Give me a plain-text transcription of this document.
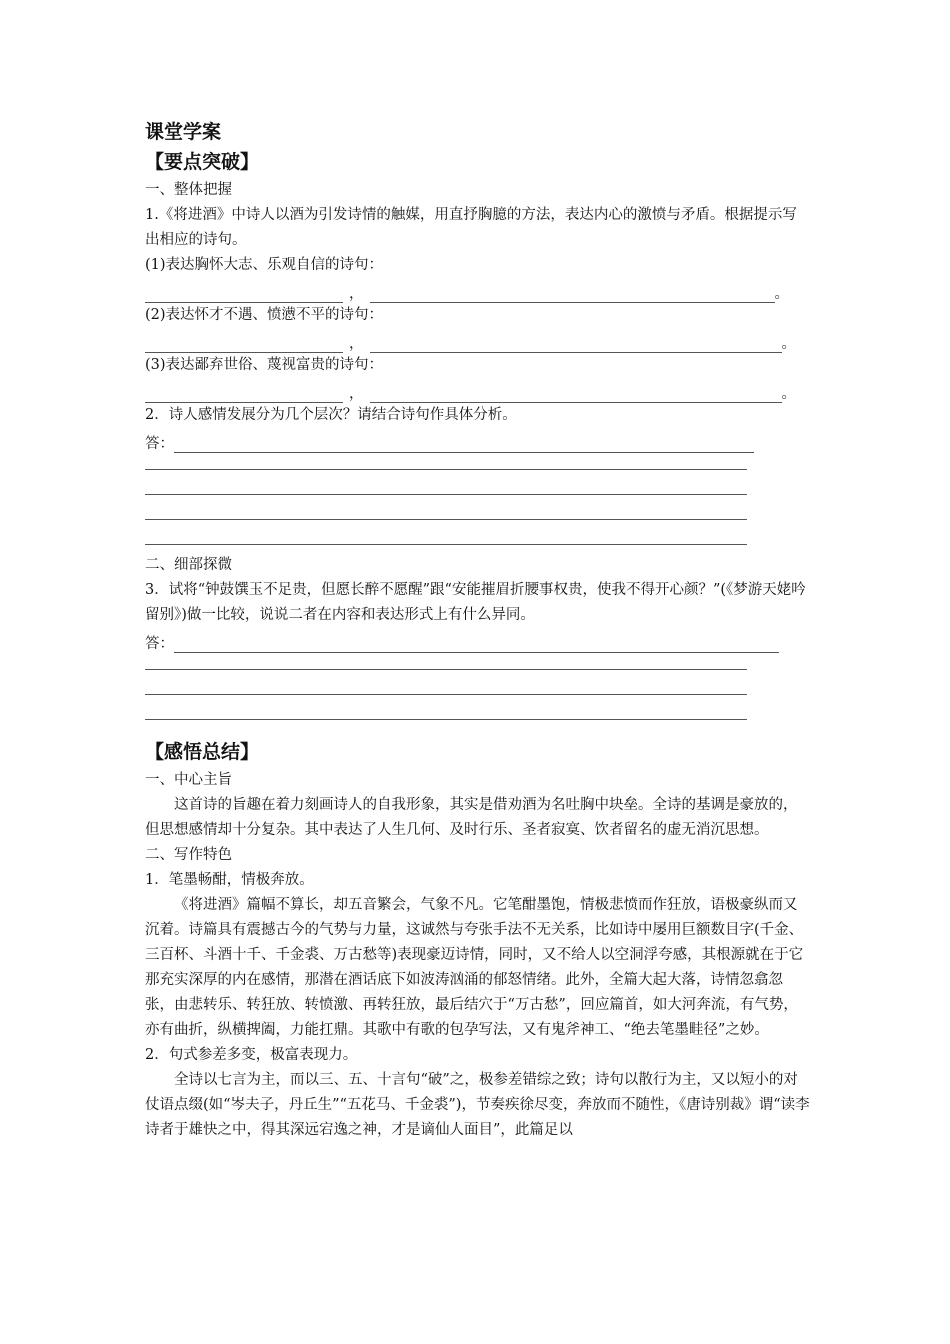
课堂学案
【要点突破】

一、整体把握

1.《将进酒》中诗人以酒为引发诗情的触媒，用直抒胸臆的方法，表达内心的激愤与矛盾。根据提示写出相应的诗句。

(1)表达胸怀大志、乐观自信的诗句：

，	。

(2)表达怀才不遇、愤懑不平的诗句：

，	。

(3)表达鄙弃世俗、蔑视富贵的诗句：

，	。

2．诗人感情发展分为几个层次？请结合诗句作具体分析。

答：

二、细部探微

3．试将“钟鼓馔玉不足贵，但愿长醉不愿醒”跟“安能摧眉折腰事权贵，使我不得开心颜？”(《梦游天姥吟留别》)做一比较，说说二者在内容和表达形式上有什么异同。

答：
【感悟总结】

一、中心主旨

这首诗的旨趣在着力刻画诗人的自我形象，其实是借劝酒为名吐胸中块垒。全诗的基调是豪放的，但思想感情却十分复杂。其中表达了人生几何、及时行乐、圣者寂寞、饮者留名的虚无消沉思想。

二、写作特色

1．笔墨畅酣，情极奔放。

《将进酒》篇幅不算长，却五音繁会，气象不凡。它笔酣墨饱，情极悲愤而作狂放，语极豪纵而又沉着。诗篇具有震撼古今的气势与力量，这诚然与夸张手法不无关系，比如诗中屡用巨额数目字(千金、三百杯、斗酒十千、千金裘、万古愁等)表现豪迈诗情，同时，又不给人以空洞浮夸感，其根源就在于它那充实深厚的内在感情，那潜在酒话底下如波涛汹涌的郁怒情绪。此外，全篇大起大落，诗情忽翕忽张，由悲转乐、转狂放、转愤激、再转狂放，最后结穴于“万古愁”，回应篇首，如大河奔流，有气势，亦有曲折，纵横捭阖，力能扛鼎。其歌中有歌的包孕写法，又有鬼斧神工、“绝去笔墨畦径”之妙。

2．句式参差多变，极富表现力。

全诗以七言为主，而以三、五、十言句“破”之，极参差错综之致；诗句以散行为主，又以短小的对仗语点缀(如“岑夫子，丹丘生”“五花马、千金裘”)，节奏疾徐尽变，奔放而不随性，《唐诗别裁》谓“读李诗者于雄快之中，得其深远宕逸之神，才是谪仙人面目”，此篇足以
